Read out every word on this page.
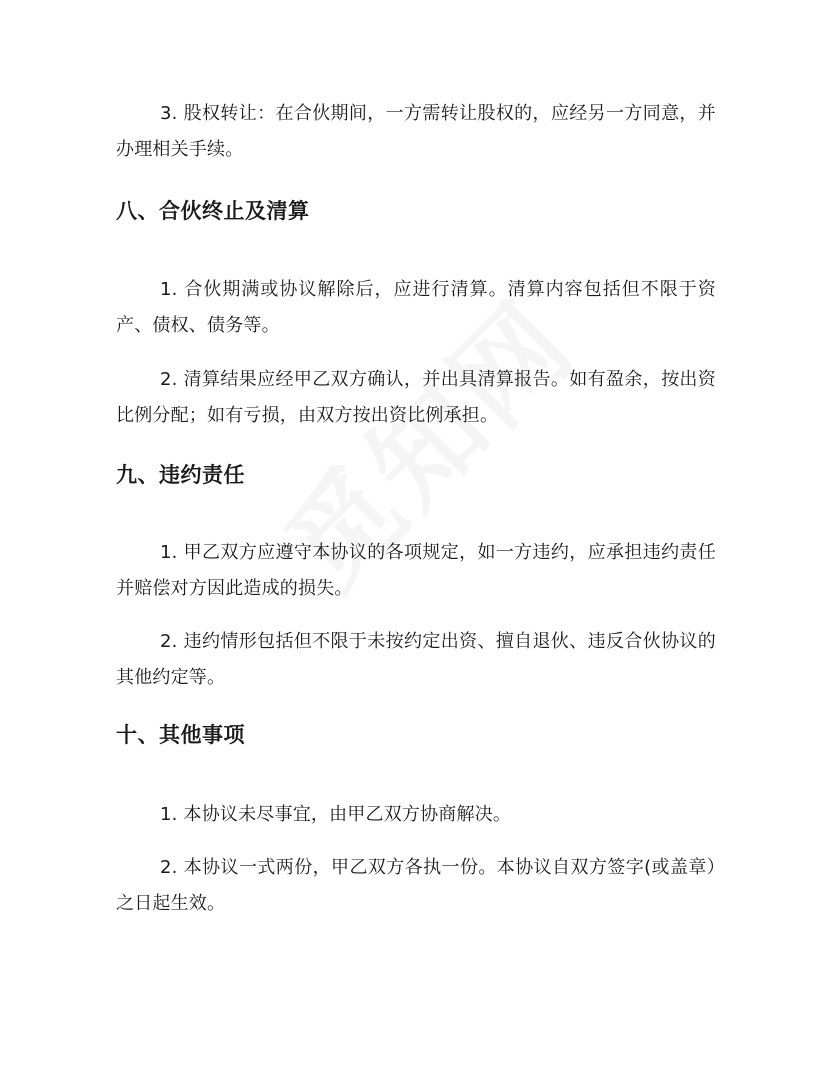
3. 股权转让：在合伙期间，一方需转让股权的，应经另一方同意，并办理相关手续。

八、合伙终止及清算

1. 合伙期满或协议解除后，应进行清算。清算内容包括但不限于资产、债权、债务等。

2. 清算结果应经甲乙双方确认，并出具清算报告。如有盈余，按出资比例分配；如有亏损，由双方按出资比例承担。

九、违约责任

1. 甲乙双方应遵守本协议的各项规定，如一方违约，应承担违约责任并赔偿对方因此造成的损失。

2. 违约情形包括但不限于未按约定出资、擅自退伙、违反合伙协议的其他约定等。

十、其他事项

1. 本协议未尽事宜，由甲乙双方协商解决。

2. 本协议一式两份，甲乙双方各执一份。本协议自双方签字(或盖章）之日起生效。
